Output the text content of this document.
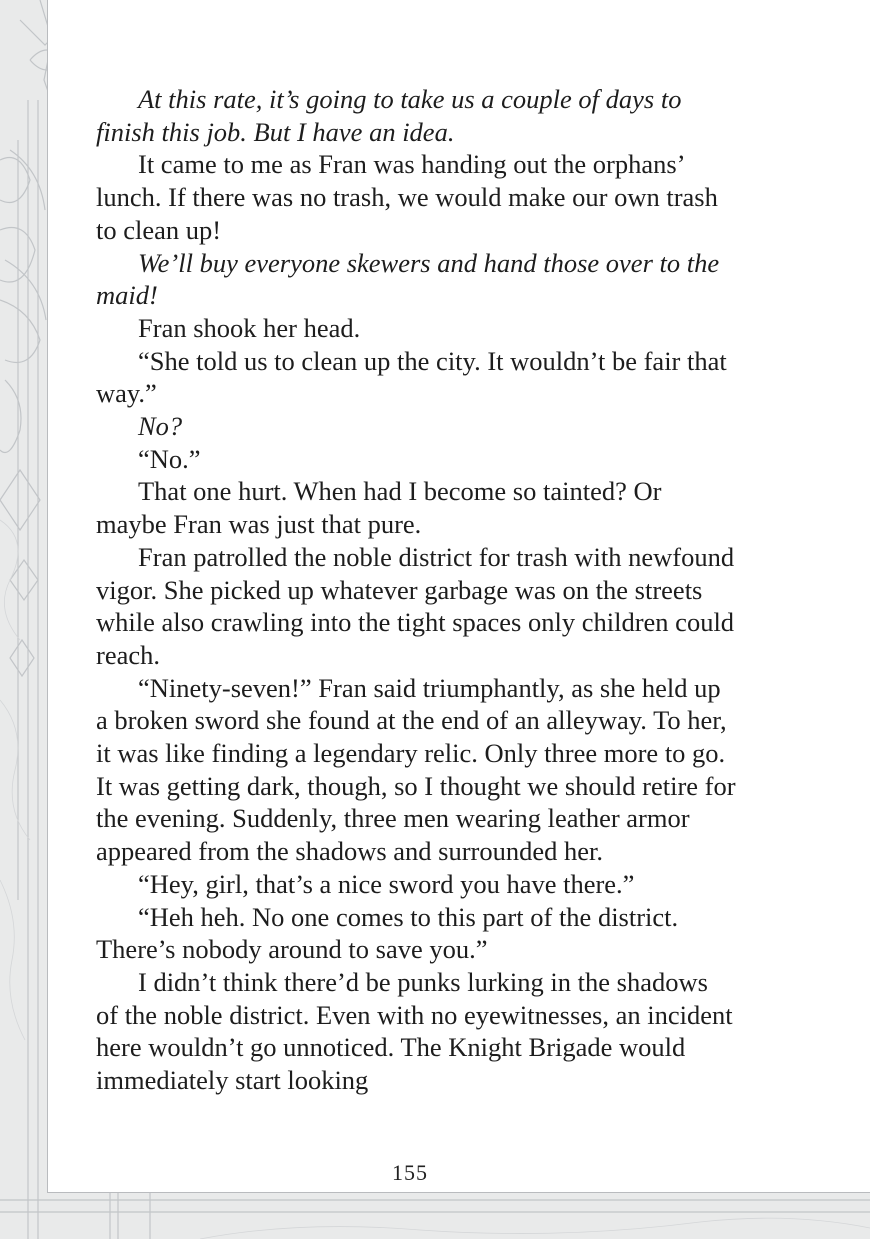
At this rate, it’s going to take us a couple of days to finish this job. But I have an idea.

It came to me as Fran was handing out the orphans’ lunch. If there was no trash, we would make our own trash to clean up!

We’ll buy everyone skewers and hand those over to the maid!

Fran shook her head.

“She told us to clean up the city. It wouldn’t be fair that way.”

No?

“No.”

That one hurt. When had I become so tainted? Or maybe Fran was just that pure.

Fran patrolled the noble district for trash with newfound vigor. She picked up whatever garbage was on the streets while also crawling into the tight spaces only children could reach.

“Ninety-seven!” Fran said triumphantly, as she held up a broken sword she found at the end of an alleyway. To her, it was like finding a legendary relic. Only three more to go. It was getting dark, though, so I thought we should retire for the evening. Suddenly, three men wearing leather armor appeared from the shadows and surrounded her.

“Hey, girl, that’s a nice sword you have there.”

“Heh heh. No one comes to this part of the district. There’s nobody around to save you.”

I didn’t think there’d be punks lurking in the shadows of the noble district. Even with no eyewitnesses, an incident here wouldn’t go unnoticed. The Knight Brigade would immediately start looking

155
